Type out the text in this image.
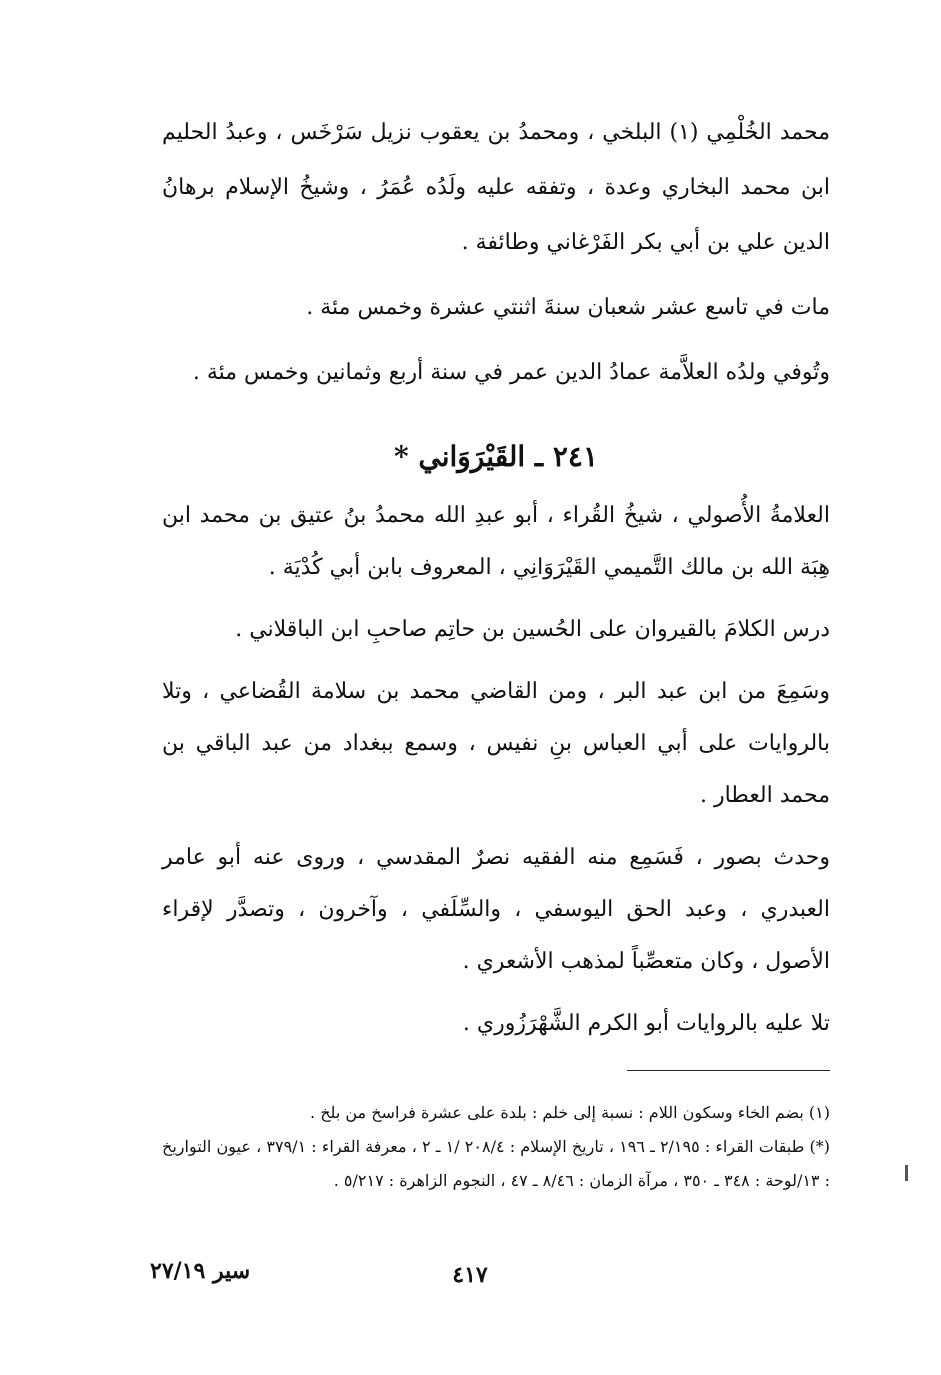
محمد الخُلْمِي (١) البلخي ، ومحمدُ بن يعقوب نزيل سَرْخَس ، وعبدُ الحليم ابن محمد البخاري وعدة ، وتفقه عليه ولَدُه عُمَرُ ، وشيخُ الإسلام برهانُ الدين علي بن أبي بكر الفَرْغاني وطائفة .

مات في تاسع عشر شعبان سنةَ اثنتي عشرة وخمس مئة .

وتُوفي ولدُه العلاَّمة عمادُ الدين عمر في سنة أربع وثمانين وخمس مئة .

٢٤١ ـ القَيْرَوَاني *

العلامةُ الأُصولي ، شيخُ القُراء ، أبو عبدِ الله محمدُ بنُ عتيق بن محمد ابن هِبَة الله بن مالك التَّميمي القَيْرَوَانِي ، المعروف بابن أبي كُدْيَة .

درس الكلامَ بالقيروان على الحُسين بن حاتِم صاحبِ ابن الباقلاني .

وسَمِعَ من ابن عبد البر ، ومن القاضي محمد بن سلامة القُضاعي ، وتلا بالروايات على أبي العباس بنِ نفيس ، وسمع ببغداد من عبد الباقي بن محمد العطار .

وحدث بصور ، فَسَمِع منه الفقيه نصرٌ المقدسي ، وروى عنه أبو عامر العبدري ، وعبد الحق اليوسفي ، والسِّلَفي ، وآخرون ، وتصدَّر لإقراء الأصول ، وكان متعصِّباً لمذهب الأشعري .

تلا عليه بالروايات أبو الكرم الشَّهْرَزُوري .

(١) بضم الخاء وسكون اللام : نسبة إلى خلم : بلدة على عشرة فراسخ من بلخ .

(*) طبقات القراء : ٢/١٩٥ ـ ١٩٦ ، تاريخ الإسلام : ٢٠٨/٤ /١ ـ ٢ ، معرفة القراء : ٣٧٩/١ ، عيون التواريخ : ١٣/لوحة : ٣٤٨ ـ ٣٥٠ ، مرآة الزمان : ٨/٤٦ ـ ٤٧ ، النجوم الزاهرة : ٥/٢١٧ .

٤١٧
سير ٢٧/١٩
